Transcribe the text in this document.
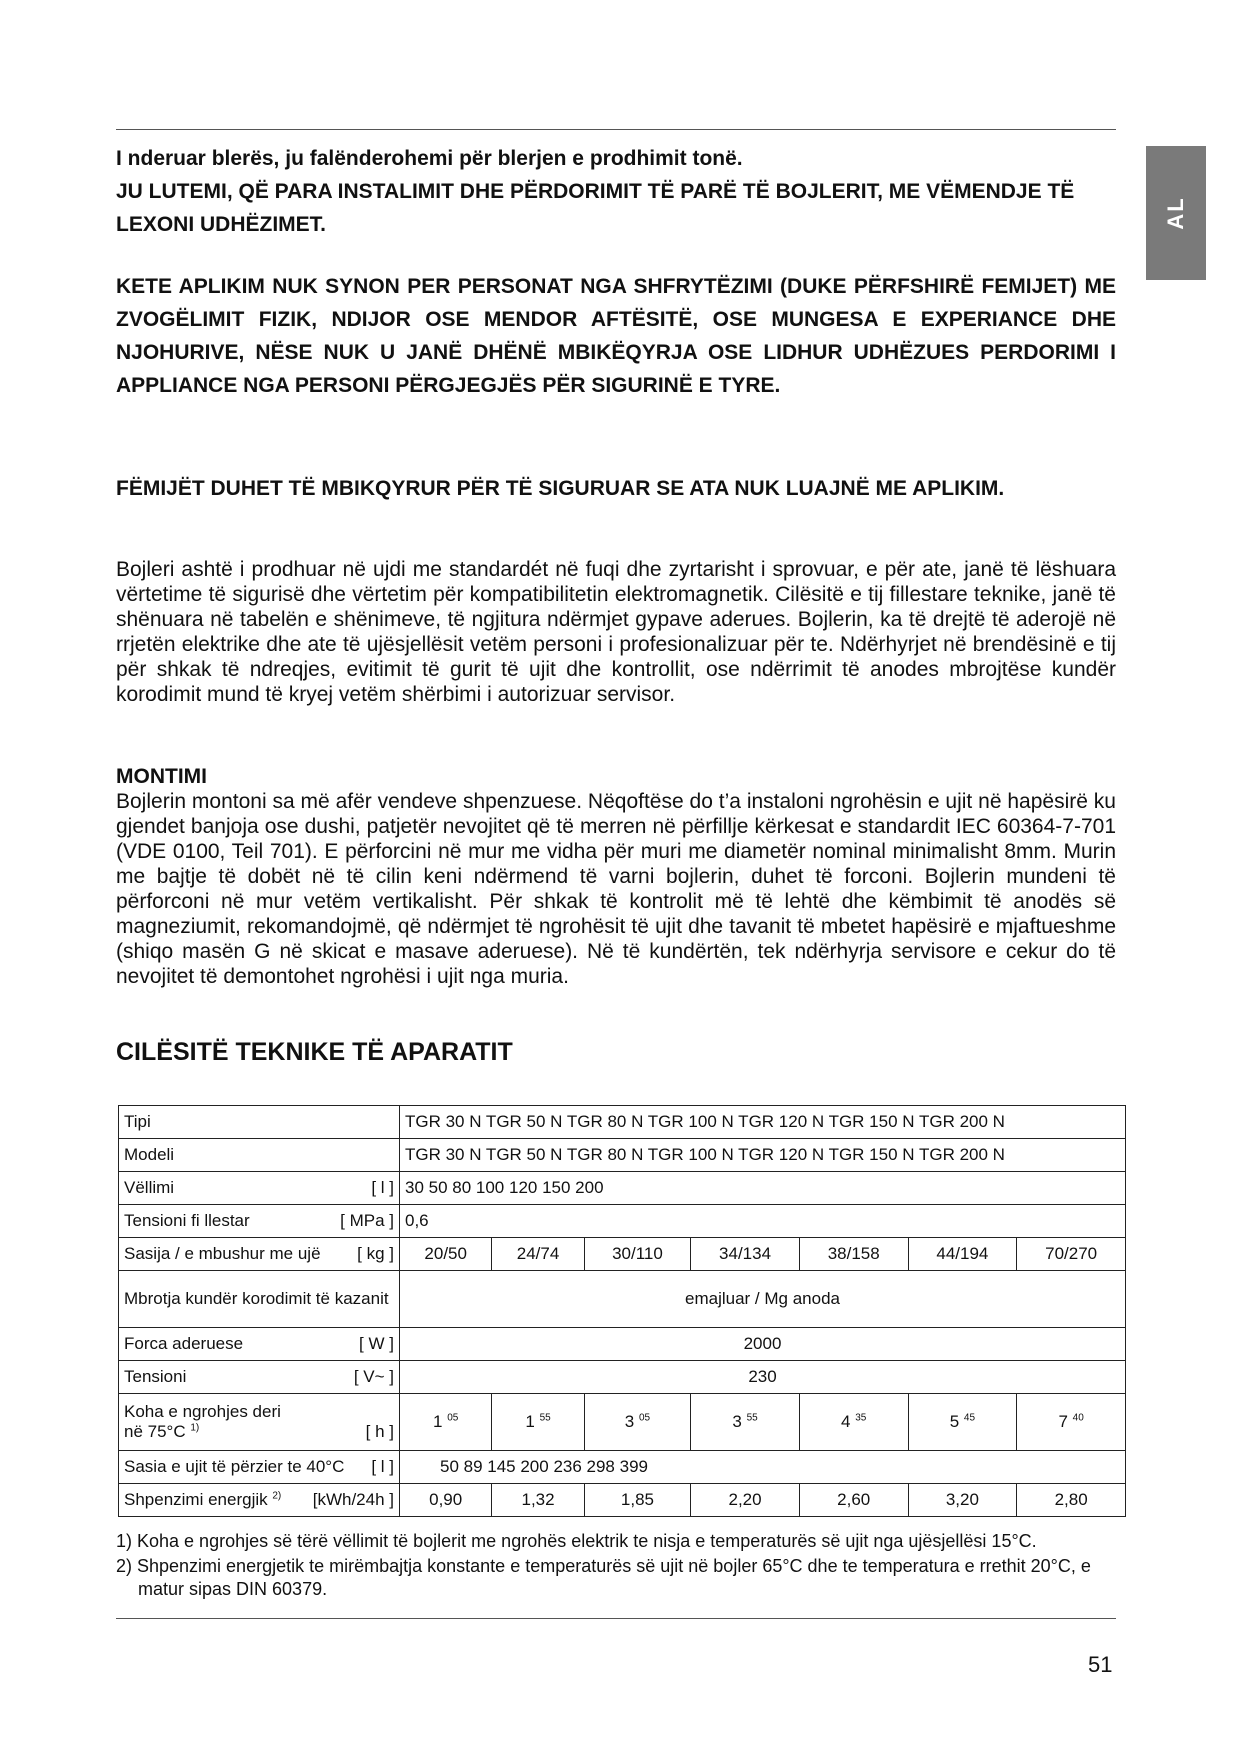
AL
I nderuar blerës, ju falënderohemi për blerjen e prodhimit tonë.
JU LUTEMI, QË PARA INSTALIMIT DHE PËRDORIMIT TË PARË TË BOJLERIT, ME VËMENDJE TË LEXONI UDHËZIMET.
KETE APLIKIM NUK SYNON PER PERSONAT NGA SHFRYTËZIMI (DUKE PËRFSHIRË FEMIJET) ME ZVOGËLIMIT FIZIK, NDIJOR OSE MENDOR AFTËSITË, OSE MUNGESA E EXPERIANCE DHE NJOHURIVE, NËSE NUK U JANË DHËNË MBIKËQYRJA OSE LIDHUR UDHËZUES PERDORIMI I APPLIANCE NGA PERSONI PËRGJEGJËS PËR SIGURINË E TYRE.
FËMIJËT DUHET TË MBIKQYRUR PËR TË SIGURUAR SE ATA NUK LUAJNË ME APLIKIM.
Bojleri ashtë i prodhuar në ujdi me standardét në fuqi dhe zyrtarisht i sprovuar, e për ate, janë të lëshuara vërtetime të sigurisë dhe vërtetim për kompatibilitetin elektromagnetik. Cilësitë e tij fillestare teknike, janë të shënuara në tabelën e shënimeve, të ngjitura ndërmjet gypave aderues. Bojlerin, ka të drejtë të aderojë në rrjetën elektrike dhe ate të ujësjellësit vetëm personi i profesionalizuar për te. Ndërhyrjet në brendësinë e tij për shkak të ndreqjes, evitimit të gurit të ujit dhe kontrollit, ose ndërrimit të anodes mbrojtëse kundër korodimit mund të kryej vetëm shërbimi i autorizuar servisor.
MONTIMI
Bojlerin montoni sa më afër vendeve shpenzuese. Nëqoftëse do t’a instaloni ngrohësin e ujit në hapësirë ku gjendet banjoja ose dushi, patjetër nevojitet që të merren në përfillje kërkesat e standardit IEC 60364-7-701 (VDE 0100, Teil 701). E përforcini në mur me vidha për muri me diametër nominal minimalisht 8mm. Murin me bajtje të dobët në të cilin keni ndërmend të varni bojlerin, duhet të forconi. Bojlerin mundeni të përforconi në mur vetëm vertikalisht. Për shkak të kontrolit më të lehtë dhe këmbimit të anodës së magneziumit, rekomandojmë, që ndërmjet të ngrohësit të ujit dhe tavanit të mbetet hapësirë e mjaftueshme (shiqo masën G në skicat e masave aderuese). Në të kundërtën, tek ndërhyrja servisore e cekur do të nevojitet të demontohet ngrohësi i ujit nga muria.
CILËSITË TEKNIKE TË APARATIT
Tipi	TGR 30 N TGR 50 N TGR 80 N TGR 100 N TGR 120 N TGR 150 N TGR 200 N						
Modeli	TGR 30 N TGR 50 N TGR 80 N TGR 100 N TGR 120 N TGR 150 N TGR 200 N						

Vëllimi [ l ]	30 50 80 100 120 150 200						

Tensioni fi llestar [ MPa ]	0,6						

Sasija / e mbushur me ujë [ kg ]	20/50	24/74	30/110	34/134	38/158	44/194	70/270
Mbrotja kundër korodimit të kazanit	emajluar / Mg anoda						

Forca aderuese [ W ]	2000						

Tensioni [ V~ ]	230						

Koha e ngrohjes deri
në 75°C $^{1)}$ [ h ]	1 $^{05}$	1 $^{55}$	3 $^{05}$	3 $^{55}$	4 $^{35}$	5 $^{45}$	7 $^{40}$

Sasia e ujit të përzier te 40°C [ l ]	50 89 145 200 236 298 399						

Shpenzimi energjik $^{2)}$ [kWh/24h ]	0,90	1,32	1,85	2,20	2,60	3,20	2,80

1) Koha e ngrohjes së tërë vëllimit të bojlerit me ngrohës elektrik te nisja e temperaturës së ujit nga ujësjellësi 15°C.

2) Shpenzimi energjetik te mirëmbajtja konstante e temperaturës së ujit në bojler 65°C dhe te temperatura e rrethit 20°C, e matur sipas DIN 60379.

51
